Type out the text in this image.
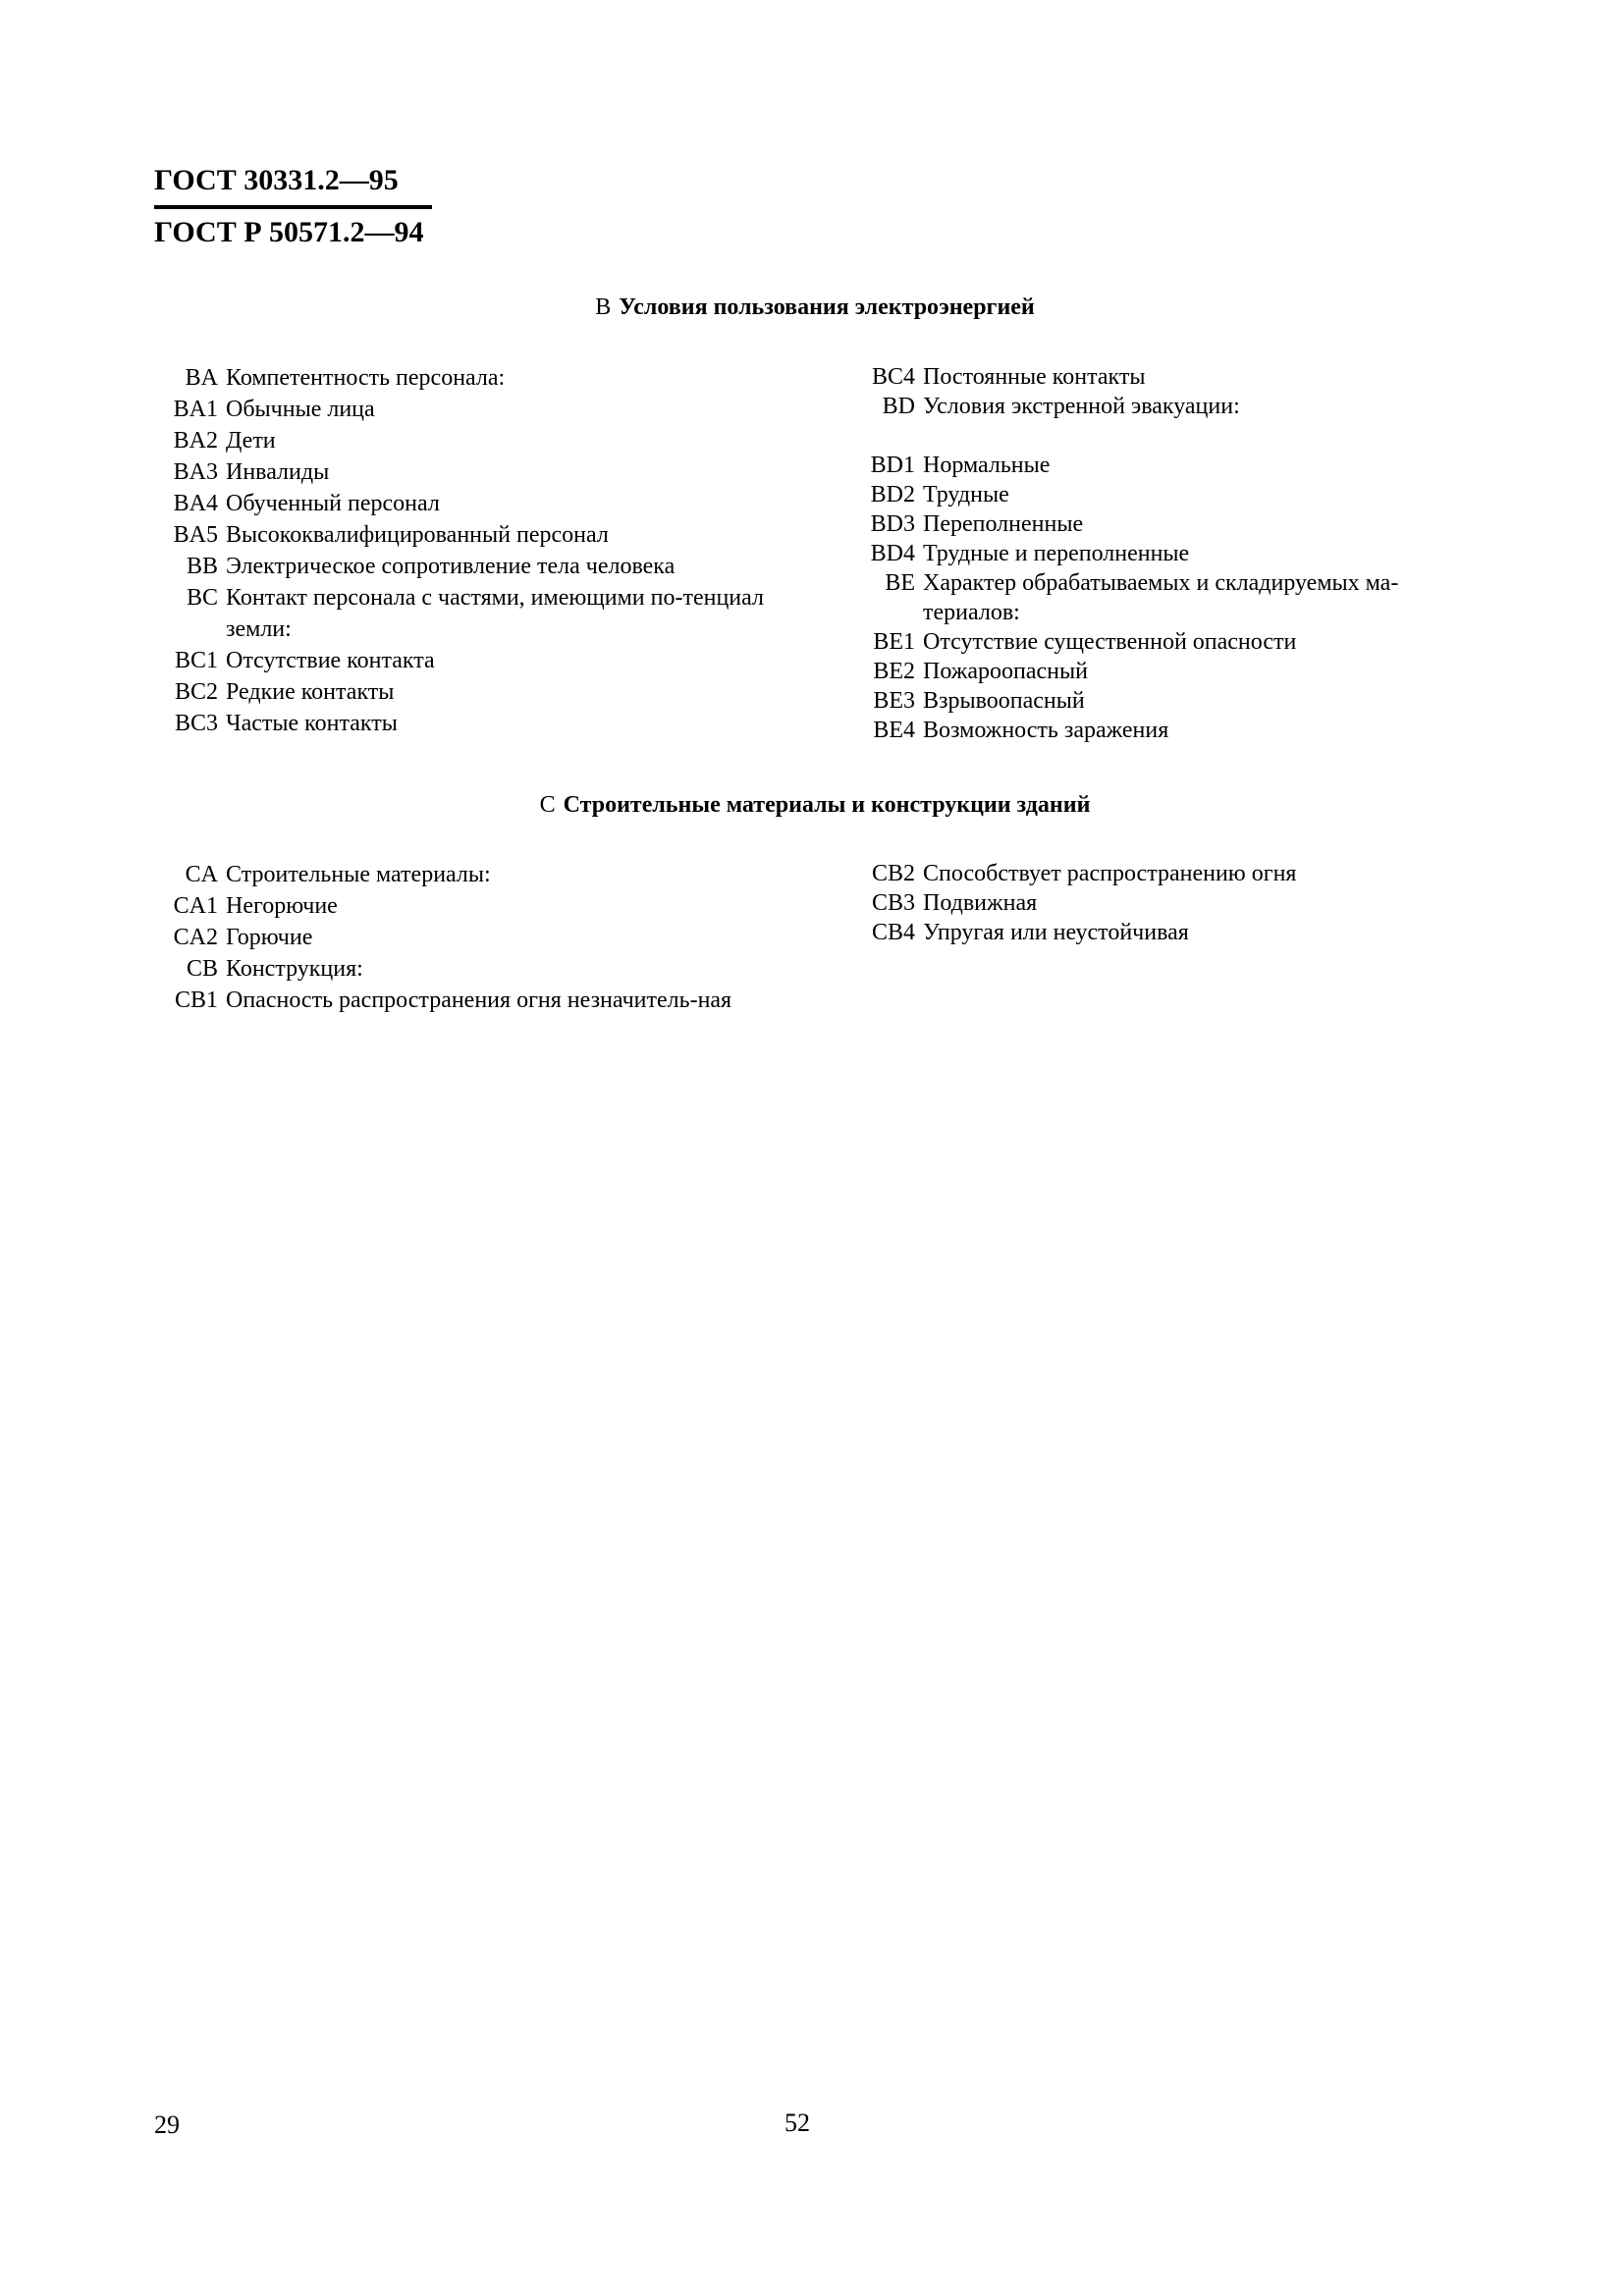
ГОСТ 30331.2—95
ГОСТ Р 50571.2—94
В Условия пользования электроэнергией
BA Компетентность персонала:
BA1 Обычные лица
BA2 Дети
BA3 Инвалиды
BA4 Обученный персонал
BA5 Высококвалифицированный персонал
BB Электрическое сопротивление тела человека
BC Контакт персонала с частями, имеющими по-тенциал земли:
BC1 Отсутствие контакта
BC2 Редкие контакты
BC3 Частые контакты
BC4 Постоянные контакты
BD Условия экстренной эвакуации:
BD1 Нормальные
BD2 Трудные
BD3 Переполненные
BD4 Трудные и переполненные
BE Характер обрабатываемых и складируемых ма-териалов:
BE1 Отсутствие существенной опасности
BE2 Пожароопасный
BE3 Взрывоопасный
BE4 Возможность заражения
С Строительные материалы и конструкции зданий
CA Строительные материалы:
CA1 Негорючие
CA2 Горючие
CB Конструкция:
CB1 Опасность распространения огня незначитель-ная
CB2 Способствует распространению огня
CB3 Подвижная
CB4 Упругая или неустойчивая
29	52
